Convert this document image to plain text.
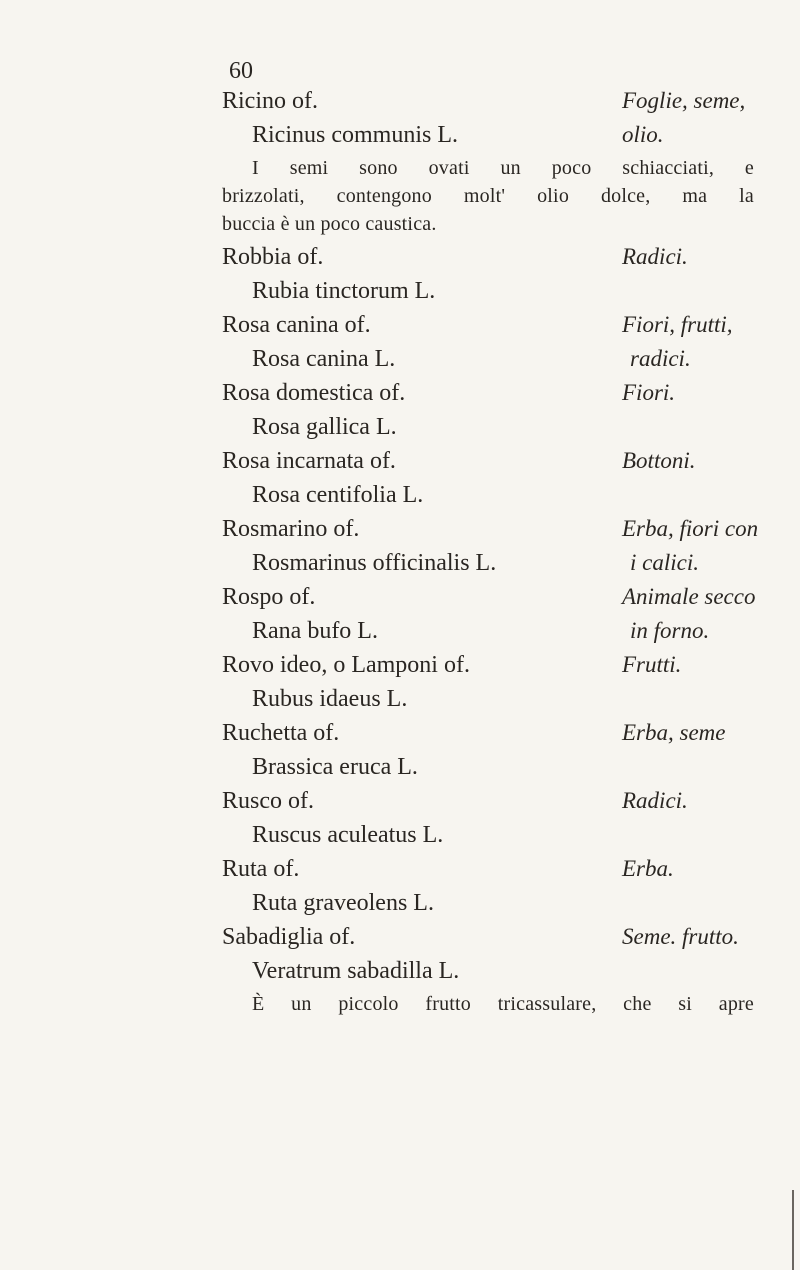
60
Ricino of.	Foglie, seme,
Ricinus communis L.	olio.
I semi sono ovati un poco schiacciati, e
brizzolati, contengono molt' olio dolce, ma la
buccia è un poco caustica.
Robbia of.	Radici.
Rubia tinctorum L.
Rosa canina of.	Fiori, frutti,
Rosa canina L.	radici.
Rosa domestica of.	Fiori.
Rosa gallica L.
Rosa incarnata of.	Bottoni.
Rosa centifolia L.
Rosmarino of.	Erba, fiori con
Rosmarinus officinalis L.	i calici.
Rospo of.	Animale secco
Rana bufo L.	in forno.
Rovo ideo, o Lamponi of.	Frutti.
Rubus idaeus L.
Ruchetta of.	Erba, seme
Brassica eruca L.
Rusco of.	Radici.
Ruscus aculeatus L.
Ruta of.	Erba.
Ruta graveolens L.
Sabadiglia of.	Seme. frutto.
Veratrum sabadilla L.
È un piccolo frutto tricassulare, che si apre
